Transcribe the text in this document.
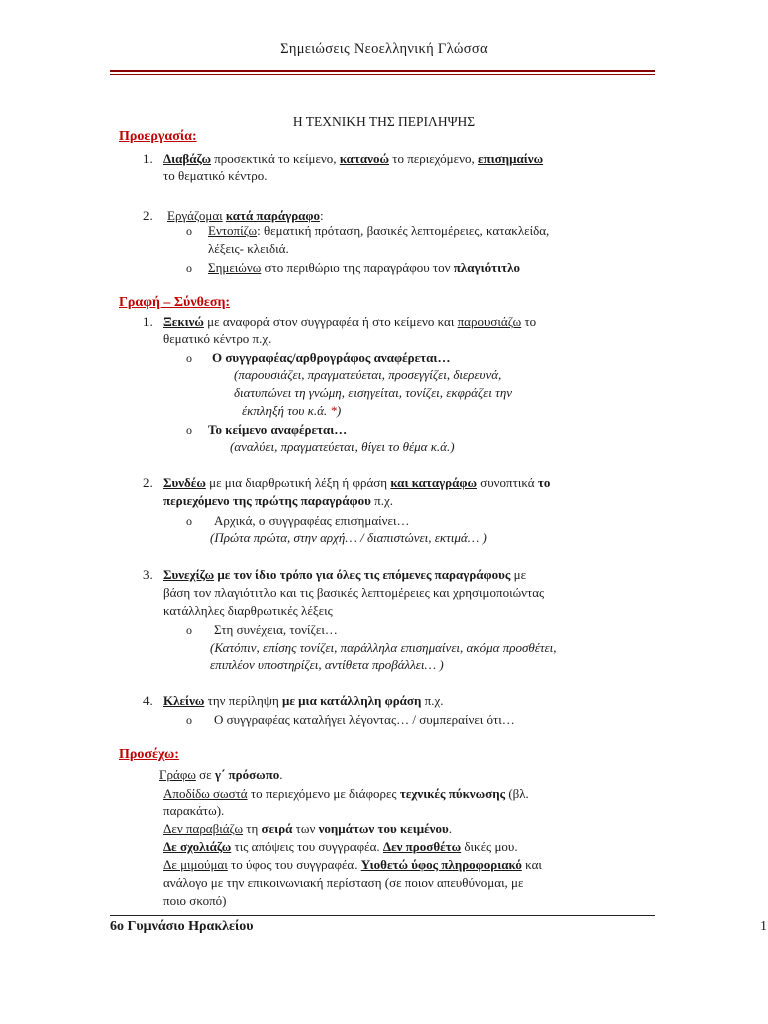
Σημειώσεις Νεοελληνική Γλώσσα
Η ΤΕΧΝΙΚΗ ΤΗΣ ΠΕΡΙΛΗΨΗΣ
Προεργασία:
1. Διαβάζω προσεκτικά το κείμενο, κατανοώ το περιεχόμενο, επισημαίνω
το θεματικό κέντρο.
2. Εργάζομαι κατά παράγραφο:
o Εντοπίζω: θεματική πρόταση, βασικές λεπτομέρειες, κατακλείδα,
λέξεις- κλειδιά.
o Σημειώνω στο περιθώριο της παραγράφου τον πλαγιότιτλο
Γραφή – Σύνθεση:
1. Ξεκινώ με αναφορά στον συγγραφέα ή στο κείμενο και παρουσιάζω το
θεματικό κέντρο π.χ.
o Ο συγγραφέας/αρθρογράφος αναφέρεται…
(παρουσιάζει, πραγματεύεται, προσεγγίζει, διερευνά,
διατυπώνει τη γνώμη, εισηγείται, τονίζει, εκφράζει την
έκπληξή του κ.ά. *)
o Το κείμενο αναφέρεται…
(αναλύει, πραγματεύεται, θίγει το θέμα κ.ά.)
2. Συνδέω με μια διαρθρωτική λέξη ή φράση και καταγράφω συνοπτικά το
περιεχόμενο της πρώτης παραγράφου π.χ.
o Αρχικά, ο συγγραφέας επισημαίνει…
(Πρώτα πρώτα, στην αρχή… / διαπιστώνει, εκτιμά… )
3. Συνεχίζω με τον ίδιο τρόπο για όλες τις επόμενες παραγράφους με
βάση τον πλαγιότιτλο και τις βασικές λεπτομέρειες και χρησιμοποιώντας
κατάλληλες διαρθρωτικές λέξεις
o Στη συνέχεια, τονίζει…
(Κατόπιν, επίσης τονίζει, παράλληλα επισημαίνει, ακόμα προσθέτει,
επιπλέον υποστηρίζει, αντίθετα προβάλλει… )
4. Κλείνω την περίληψη με μια κατάλληλη φράση π.χ.
o Ο συγγραφέας καταλήγει λέγοντας… / συμπεραίνει ότι…
Προσέχω:
Γράφω σε γ΄ πρόσωπο.
Αποδίδω σωστά το περιεχόμενο με διάφορες τεχνικές πύκνωσης (βλ.
παρακάτω).
Δεν παραβιάζω τη σειρά των νοημάτων του κειμένου.
Δε σχολιάζω τις απόψεις του συγγραφέα. Δεν προσθέτω δικές μου.
Δε μιμούμαι το ύφος του συγγραφέα. Υιοθετώ ύφος πληροφοριακό και
ανάλογο με την επικοινωνιακή περίσταση (σε ποιον απευθύνομαι, με
ποιο σκοπό)
6ο Γυμνάσιο Ηρακλείου	1
